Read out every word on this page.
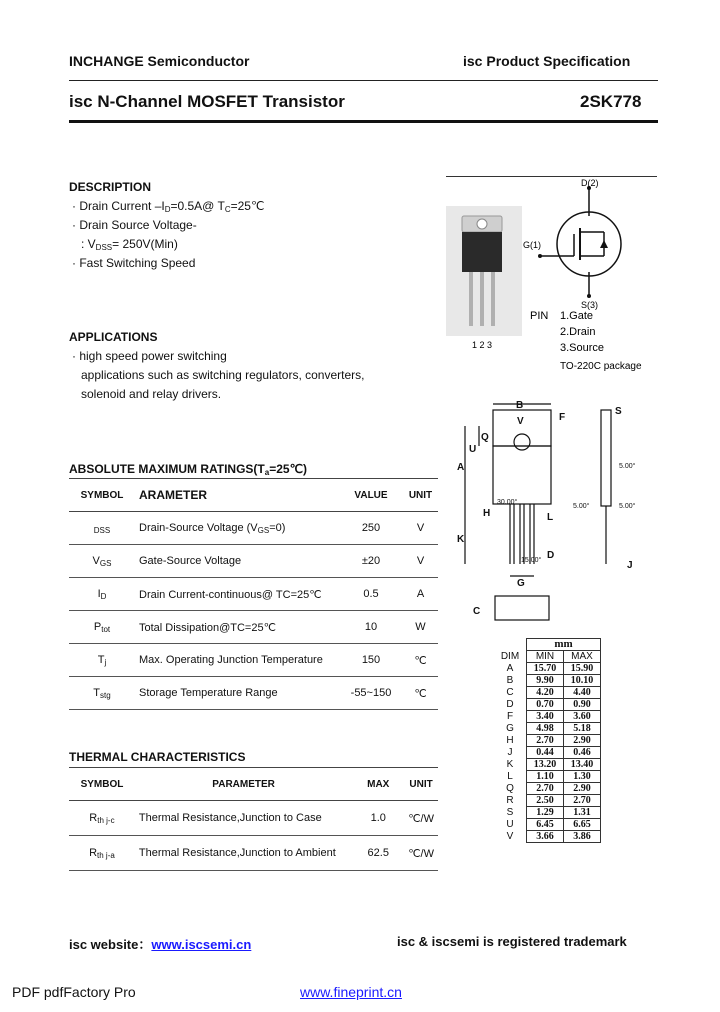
INCHANGE Semiconductor	isc Product Specification
isc N-Channel MOSFET Transistor	2SK778
DESCRIPTION
· Drain Current $-I_D=0.5A@$ $T_C=25℃$
· Drain Source Voltage-
: $V_{DSS}= 250V(Min)$
· Fast Switching Speed
APPLICATIONS
· high speed power switching
applications such as switching regulators, converters,
solenoid and relay drivers.
ABSOLUTE MAXIMUM $RATINGS(T_a=25℃)$
SYMBOL	ARAMETER	VALUE	UNIT
$_{DSS}$	Drain-Source Voltage $(V_{GS}=0)$	250	V
$V_{GS}$	Gate-Source Voltage	±20	V
$I_D$	Drain Current-continuous@ TC=25℃	0.5	A
$P_{tot}$	Total Dissipation@TC=25℃	10	W
$T_j$	Max. Operating Junction Temperature	150	℃
$T_{stg}$	Storage Temperature Range	-55~150	℃
THERMAL CHARACTERISTICS
SYMBOL	PARAMETER	MAX	UNIT
$R_{th j-c}$	Thermal Resistance,Junction to Case	1.0	℃/W
$R_{th j-a}$	Thermal Resistance,Junction to Ambient	62.5	℃/W
D(2)
G(1)
S(3)
PIN 1.Gate
2.Drain
3.Source
TO-220C package
1 2 3
B
V	F
S
Q
U
A
H	L
K
D
G
J
C
30.00°
15.00°
5.00°
5.00°	5.00°
	mm	
DIM	MIN	MAX
A	15.70	15.90
B	9.90	10.10
C	4.20	4.40
D	0.70	0.90
F	3.40	3.60
G	4.98	5.18
H	2.70	2.90
J	0.44	0.46
K	13.20	13.40
L	1.10	1.30
Q	2.70	2.90
R	2.50	2.70
S	1.29	1.31
U	6.45	6.65
V	3.66	3.86
isc website：www.iscsemi.cn	isc & iscsemi is registered trademark
PDF pdfFactory Pro	www.fineprint.cn
